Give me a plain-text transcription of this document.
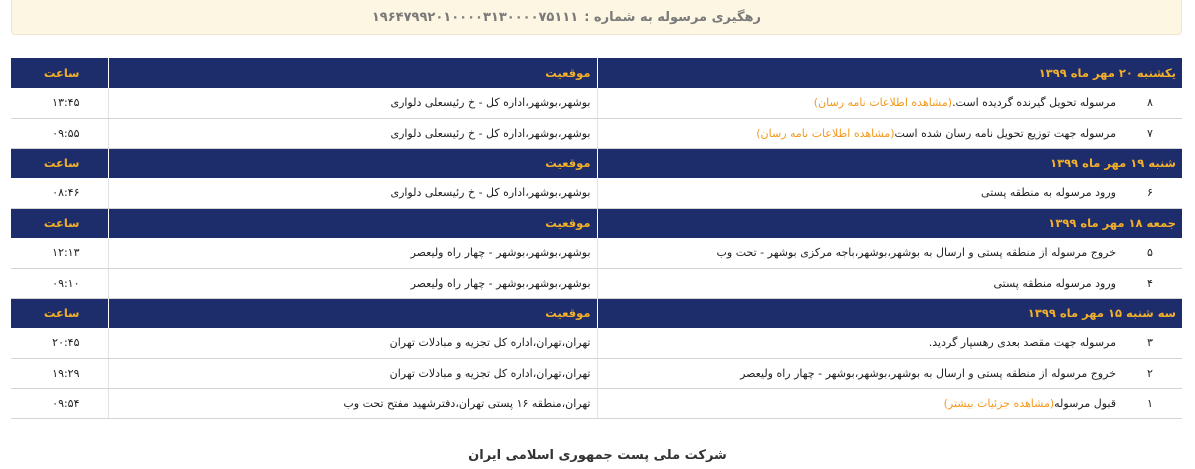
رهگیری مرسوله به شماره :
۱۹۶۴۷۹۹۲۰۱۰۰۰۰۳۱۳۰۰۰۰۷۵۱۱۱
یکشنبه ۲۰ مهر ماه ۱۳۹۹	موقعیت	ساعت
۸مرسوله تحویل گیرنده گردیده است.(مشاهده اطلاعات نامه رسان)	بوشهر،بوشهر،اداره کل - خ رئیسعلی دلواری	۱۳:۴۵
۷مرسوله جهت توزیع تحویل نامه رسان شده است(مشاهده اطلاعات نامه رسان)	بوشهر،بوشهر،اداره کل - خ رئیسعلی دلواری	۰۹:۵۵
شنبه ۱۹ مهر ماه ۱۳۹۹	موقعیت	ساعت
۶ورود مرسوله به منطقه پستی	بوشهر،بوشهر،اداره کل - خ رئیسعلی دلواری	۰۸:۴۶
جمعه ۱۸ مهر ماه ۱۳۹۹	موقعیت	ساعت
۵خروج مرسوله از منطقه پستی و ارسال به بوشهر،بوشهر،باجه مرکزی بوشهر - تحت وب	بوشهر،بوشهر،بوشهر - چهار راه ولیعصر	۱۲:۱۳
۴ورود مرسوله منطقه پستی	بوشهر،بوشهر،بوشهر - چهار راه ولیعصر	۰۹:۱۰
سه شنبه ۱۵ مهر ماه ۱۳۹۹	موقعیت	ساعت
۳مرسوله جهت مقصد بعدی رهسپار گردید.	تهران،تهران،اداره کل تجزیه و مبادلات تهران	۲۰:۴۵
۲خروج مرسوله از منطقه پستی و ارسال به بوشهر،بوشهر،بوشهر - چهار راه ولیعصر	تهران،تهران،اداره کل تجزیه و مبادلات تهران	۱۹:۲۹
۱قبول مرسوله(مشاهده جزئیات بیشتر)	تهران،منطقه ۱۶ پستی تهران،دفترشهید مفتح تحت وب	۰۹:۵۴
شرکت ملی پست جمهوری اسلامی ایران
